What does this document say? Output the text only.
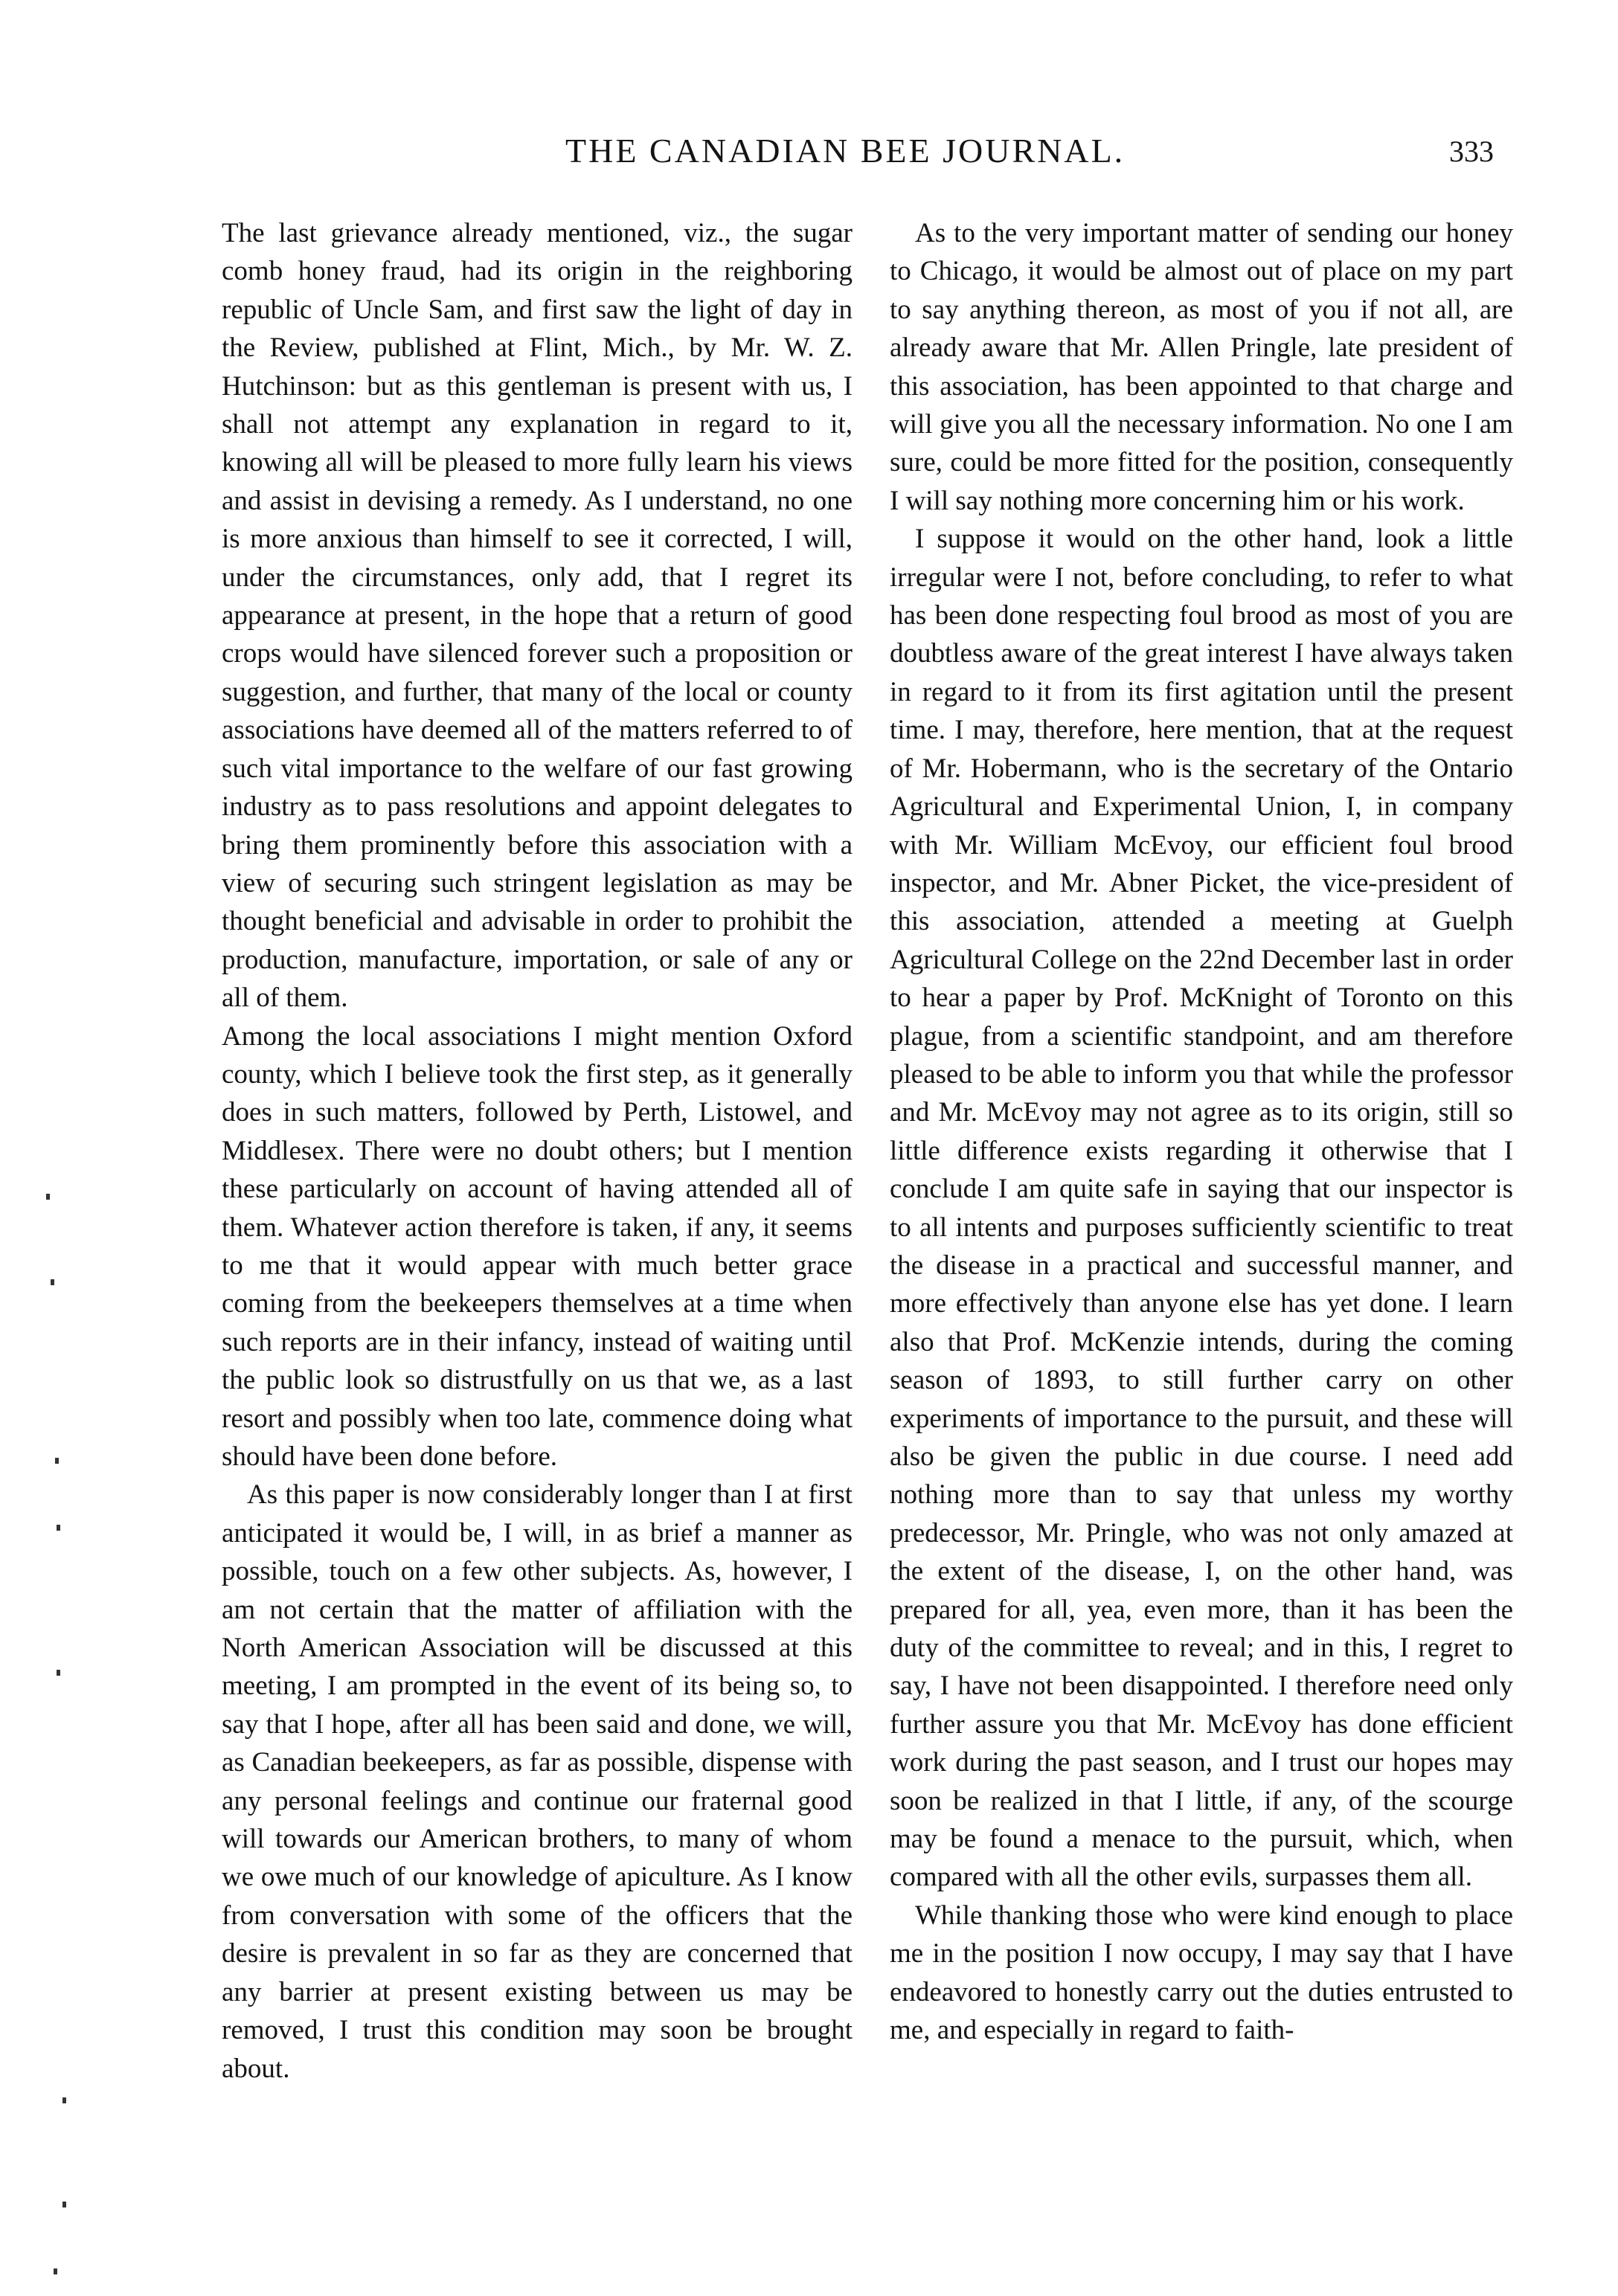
THE CANADIAN BEE JOURNAL.	333

The last grievance already mentioned, viz., the sugar comb honey fraud, had its origin in the reighboring republic of Uncle Sam, and first saw the light of day in the Review, published at Flint, Mich., by Mr. W. Z. Hutchinson: but as this gentleman is present with us, I shall not attempt any explanation in regard to it, knowing all will be pleased to more fully learn his views and assist in devising a remedy. As I understand, no one is more anxious than himself to see it corrected, I will, under the circumstances, only add, that I regret its appearance at present, in the hope that a return of good crops would have silenced forever such a proposition or suggestion, and further, that many of the local or county associations have deemed all of the matters referred to of such vital importance to the welfare of our fast growing industry as to pass resolutions and appoint delegates to bring them prominently before this association with a view of securing such stringent legislation as may be thought beneficial and advisable in order to prohibit the production, manufacture, importation, or sale of any or all of them.

Among the local associations I might mention Oxford county, which I believe took the first step, as it generally does in such matters, followed by Perth, Listowel, and Middlesex. There were no doubt others; but I mention these particularly on account of having attended all of them. Whatever action therefore is taken, if any, it seems to me that it would appear with much better grace coming from the beekeepers themselves at a time when such reports are in their infancy, instead of waiting until the public look so distrustfully on us that we, as a last resort and possibly when too late, commence doing what should have been done before.

As this paper is now considerably longer than I at first anticipated it would be, I will, in as brief a manner as possible, touch on a few other subjects. As, however, I am not certain that the matter of affiliation with the North American Association will be discussed at this meeting, I am prompted in the event of its being so, to say that I hope, after all has been said and done, we will, as Canadian beekeepers, as far as possible, dispense with any personal feelings and continue our fraternal good will towards our American brothers, to many of whom we owe much of our knowledge of apiculture. As I know from conversation with some of the officers that the desire is prevalent in so far as they are concerned that any barrier at present existing between us may be removed, I trust this condition may soon be brought about.

As to the very important matter of sending our honey to Chicago, it would be almost out of place on my part to say anything thereon, as most of you if not all, are already aware that Mr. Allen Pringle, late president of this association, has been appointed to that charge and will give you all the necessary information. No one I am sure, could be more fitted for the position, consequently I will say nothing more concerning him or his work.

I suppose it would on the other hand, look a little irregular were I not, before concluding, to refer to what has been done respecting foul brood as most of you are doubtless aware of the great interest I have always taken in regard to it from its first agitation until the present time. I may, therefore, here mention, that at the request of Mr. Hobermann, who is the secretary of the Ontario Agricultural and Experimental Union, I, in company with Mr. William McEvoy, our efficient foul brood inspector, and Mr. Abner Picket, the vice-president of this association, attended a meeting at Guelph Agricultural College on the 22nd December last in order to hear a paper by Prof. McKnight of Toronto on this plague, from a scientific standpoint, and am therefore pleased to be able to inform you that while the professor and Mr. McEvoy may not agree as to its origin, still so little difference exists regarding it otherwise that I conclude I am quite safe in saying that our inspector is to all intents and purposes sufficiently scientific to treat the disease in a practical and successful manner, and more effectively than anyone else has yet done. I learn also that Prof. McKenzie intends, during the coming season of 1893, to still further carry on other experiments of importance to the pursuit, and these will also be given the public in due course. I need add nothing more than to say that unless my worthy predecessor, Mr. Pringle, who was not only amazed at the extent of the disease, I, on the other hand, was prepared for all, yea, even more, than it has been the duty of the committee to reveal; and in this, I regret to say, I have not been disappointed. I therefore need only further assure you that Mr. McEvoy has done efficient work during the past season, and I trust our hopes may soon be realized in that I little, if any, of the scourge may be found a menace to the pursuit, which, when compared with all the other evils, surpasses them all.

While thanking those who were kind enough to place me in the position I now occupy, I may say that I have endeavored to honestly carry out the duties entrusted to me, and especially in regard to faith-
